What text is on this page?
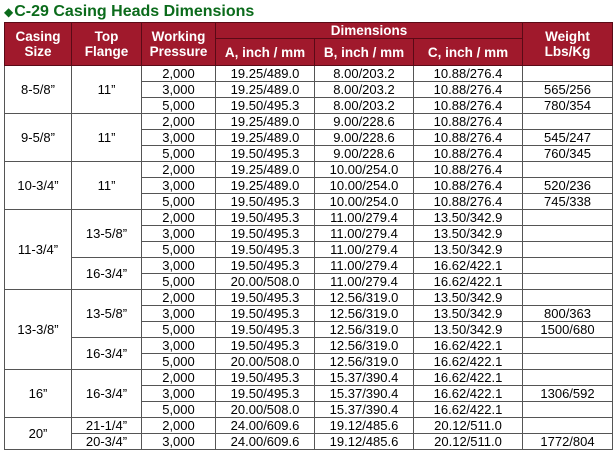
◆C-29 Casing Heads Dimensions
Casing Size	Top Flange	Working Pressure	Dimensions			Weight Lbs/Kg
			A, inch / mm	B, inch / mm	C, inch / mm	
8-5/8”	11”	2,000	19.25/489.0	8.00/203.2	10.88/276.4	
		3,000	19.25/489.0	8.00/203.2	10.88/276.4	565/256
		5,000	19.50/495.3	8.00/203.2	10.88/276.4	780/354
9-5/8”	11”	2,000	19.25/489.0	9.00/228.6	10.88/276.4	
		3,000	19.25/489.0	9.00/228.6	10.88/276.4	545/247
		5,000	19.50/495.3	9.00/228.6	10.88/276.4	760/345
10-3/4”	11”	2,000	19.25/489.0	10.00/254.0	10.88/276.4	
		3,000	19.25/489.0	10.00/254.0	10.88/276.4	520/236
		5,000	19.50/495.3	10.00/254.0	10.88/276.4	745/338
11-3/4”	13-5/8”	2,000	19.50/495.3	11.00/279.4	13.50/342.9	
		3,000	19.50/495.3	11.00/279.4	13.50/342.9	
		5,000	19.50/495.3	11.00/279.4	13.50/342.9	
	16-3/4”	3,000	19.50/495.3	11.00/279.4	16.62/422.1	
		5,000	20.00/508.0	11.00/279.4	16.62/422.1	
13-3/8”	13-5/8”	2,000	19.50/495.3	12.56/319.0	13.50/342.9	
		3,000	19.50/495.3	12.56/319.0	13.50/342.9	800/363
		5,000	19.50/495.3	12.56/319.0	13.50/342.9	1500/680
	16-3/4”	3,000	19.50/495.3	12.56/319.0	16.62/422.1	
		5,000	20.00/508.0	12.56/319.0	16.62/422.1	
16”	16-3/4”	2,000	19.50/495.3	15.37/390.4	16.62/422.1	
		3,000	19.50/495.3	15.37/390.4	16.62/422.1	1306/592
		5,000	20.00/508.0	15.37/390.4	16.62/422.1	
20”	21-1/4”	2,000	24.00/609.6	19.12/485.6	20.12/511.0	
	20-3/4”	3,000	24.00/609.6	19.12/485.6	20.12/511.0	1772/804
